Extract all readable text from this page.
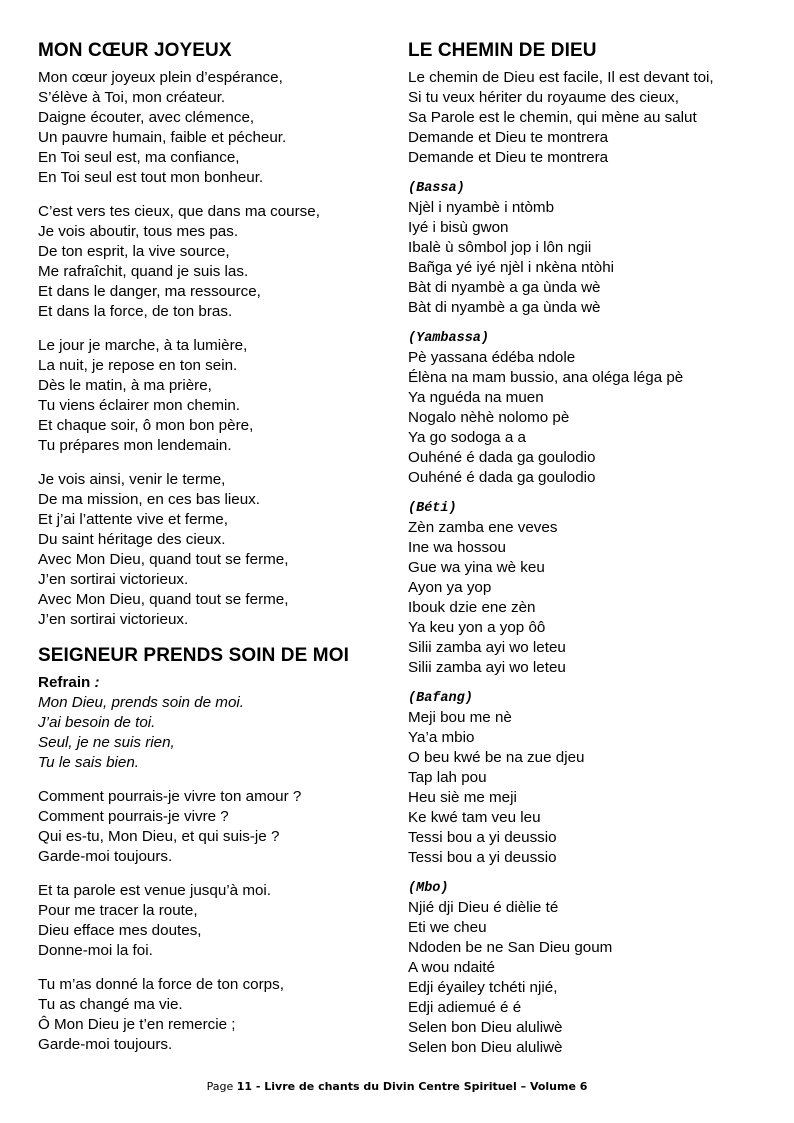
MON CŒUR JOYEUX
Mon cœur joyeux plein d’espérance,
S’élève à Toi, mon créateur.
Daigne écouter, avec clémence,
Un pauvre humain, faible et pécheur.
En Toi seul est, ma confiance,
En Toi seul est tout mon bonheur.
C’est vers tes cieux, que dans ma course,
Je vois aboutir, tous mes pas.
De ton esprit, la vive source,
Me rafraîchit, quand je suis las.
Et dans le danger, ma ressource,
Et dans la force, de ton bras.
Le jour je marche, à ta lumière,
La nuit, je repose en ton sein.
Dès le matin, à ma prière,
Tu viens éclairer mon chemin.
Et chaque soir, ô mon bon père,
Tu prépares mon lendemain.
Je vois ainsi, venir le terme,
De ma mission, en ces bas lieux.
Et j’ai l’attente vive et ferme,
Du saint héritage des cieux.
Avec Mon Dieu, quand tout se ferme,
J’en sortirai victorieux.
Avec Mon Dieu, quand tout se ferme,
J’en sortirai victorieux.
SEIGNEUR PRENDS SOIN DE MOI
Refrain :
Mon Dieu, prends soin de moi.
J’ai besoin de toi.
Seul, je ne suis rien,
Tu le sais bien.
Comment pourrais-je vivre ton amour ?
Comment pourrais-je vivre ?
Qui es-tu, Mon Dieu, et qui suis-je ?
Garde-moi toujours.
Et ta parole est venue jusqu’à moi.
Pour me tracer la route,
Dieu efface mes doutes,
Donne-moi la foi.
Tu m’as donné la force de ton corps,
Tu as changé ma vie.
Ô Mon Dieu je t’en remercie ;
Garde-moi toujours.
LE CHEMIN DE DIEU
Le chemin de Dieu est facile, Il est devant toi,
Si tu veux hériter du royaume des cieux,
Sa Parole est le chemin, qui mène au salut
Demande et Dieu te montrera
Demande et Dieu te montrera
(Bassa)
Njèl i nyambè i ntòmb
Iyé i bisù gwon
Ibalè ù sômbol jop i lôn ngii
Bañga yé iyé njèl i nkèna ntòhi
Bàt di nyambè a ga ùnda wè
Bàt di nyambè a ga ùnda wè
(Yambassa)
Pè yassana édéba ndole
Élèna na mam bussio, ana oléga léga pè
Ya nguéda na muen
Nogalo nèhè nolomo pè
Ya go sodoga a a
Ouhéné é dada ga goulodio
Ouhéné é dada ga goulodio
(Béti)
Zèn zamba ene veves
Ine wa hossou
Gue wa yina wè keu
Ayon ya yop
Ibouk dzie ene zèn
Ya keu yon a yop ôô
Silii zamba ayi wo leteu
Silii zamba ayi wo leteu
(Bafang)
Meji bou me nè
Ya’a mbio
O beu kwé be na zue djeu
Tap lah pou
Heu siè me meji
Ke kwé tam veu leu
Tessi bou a yi deussio
Tessi bou a yi deussio
(Mbo)
Njié dji Dieu é dièlie té
Eti we cheu
Ndoden be ne San Dieu goum
A wou ndaité
Edji éyailey tchéti njié,
Edji adiemué é é
Selen bon Dieu aluliwè
Selen bon Dieu aluliwè
Page 11 - Livre de chants du Divin Centre Spirituel – Volume 6
